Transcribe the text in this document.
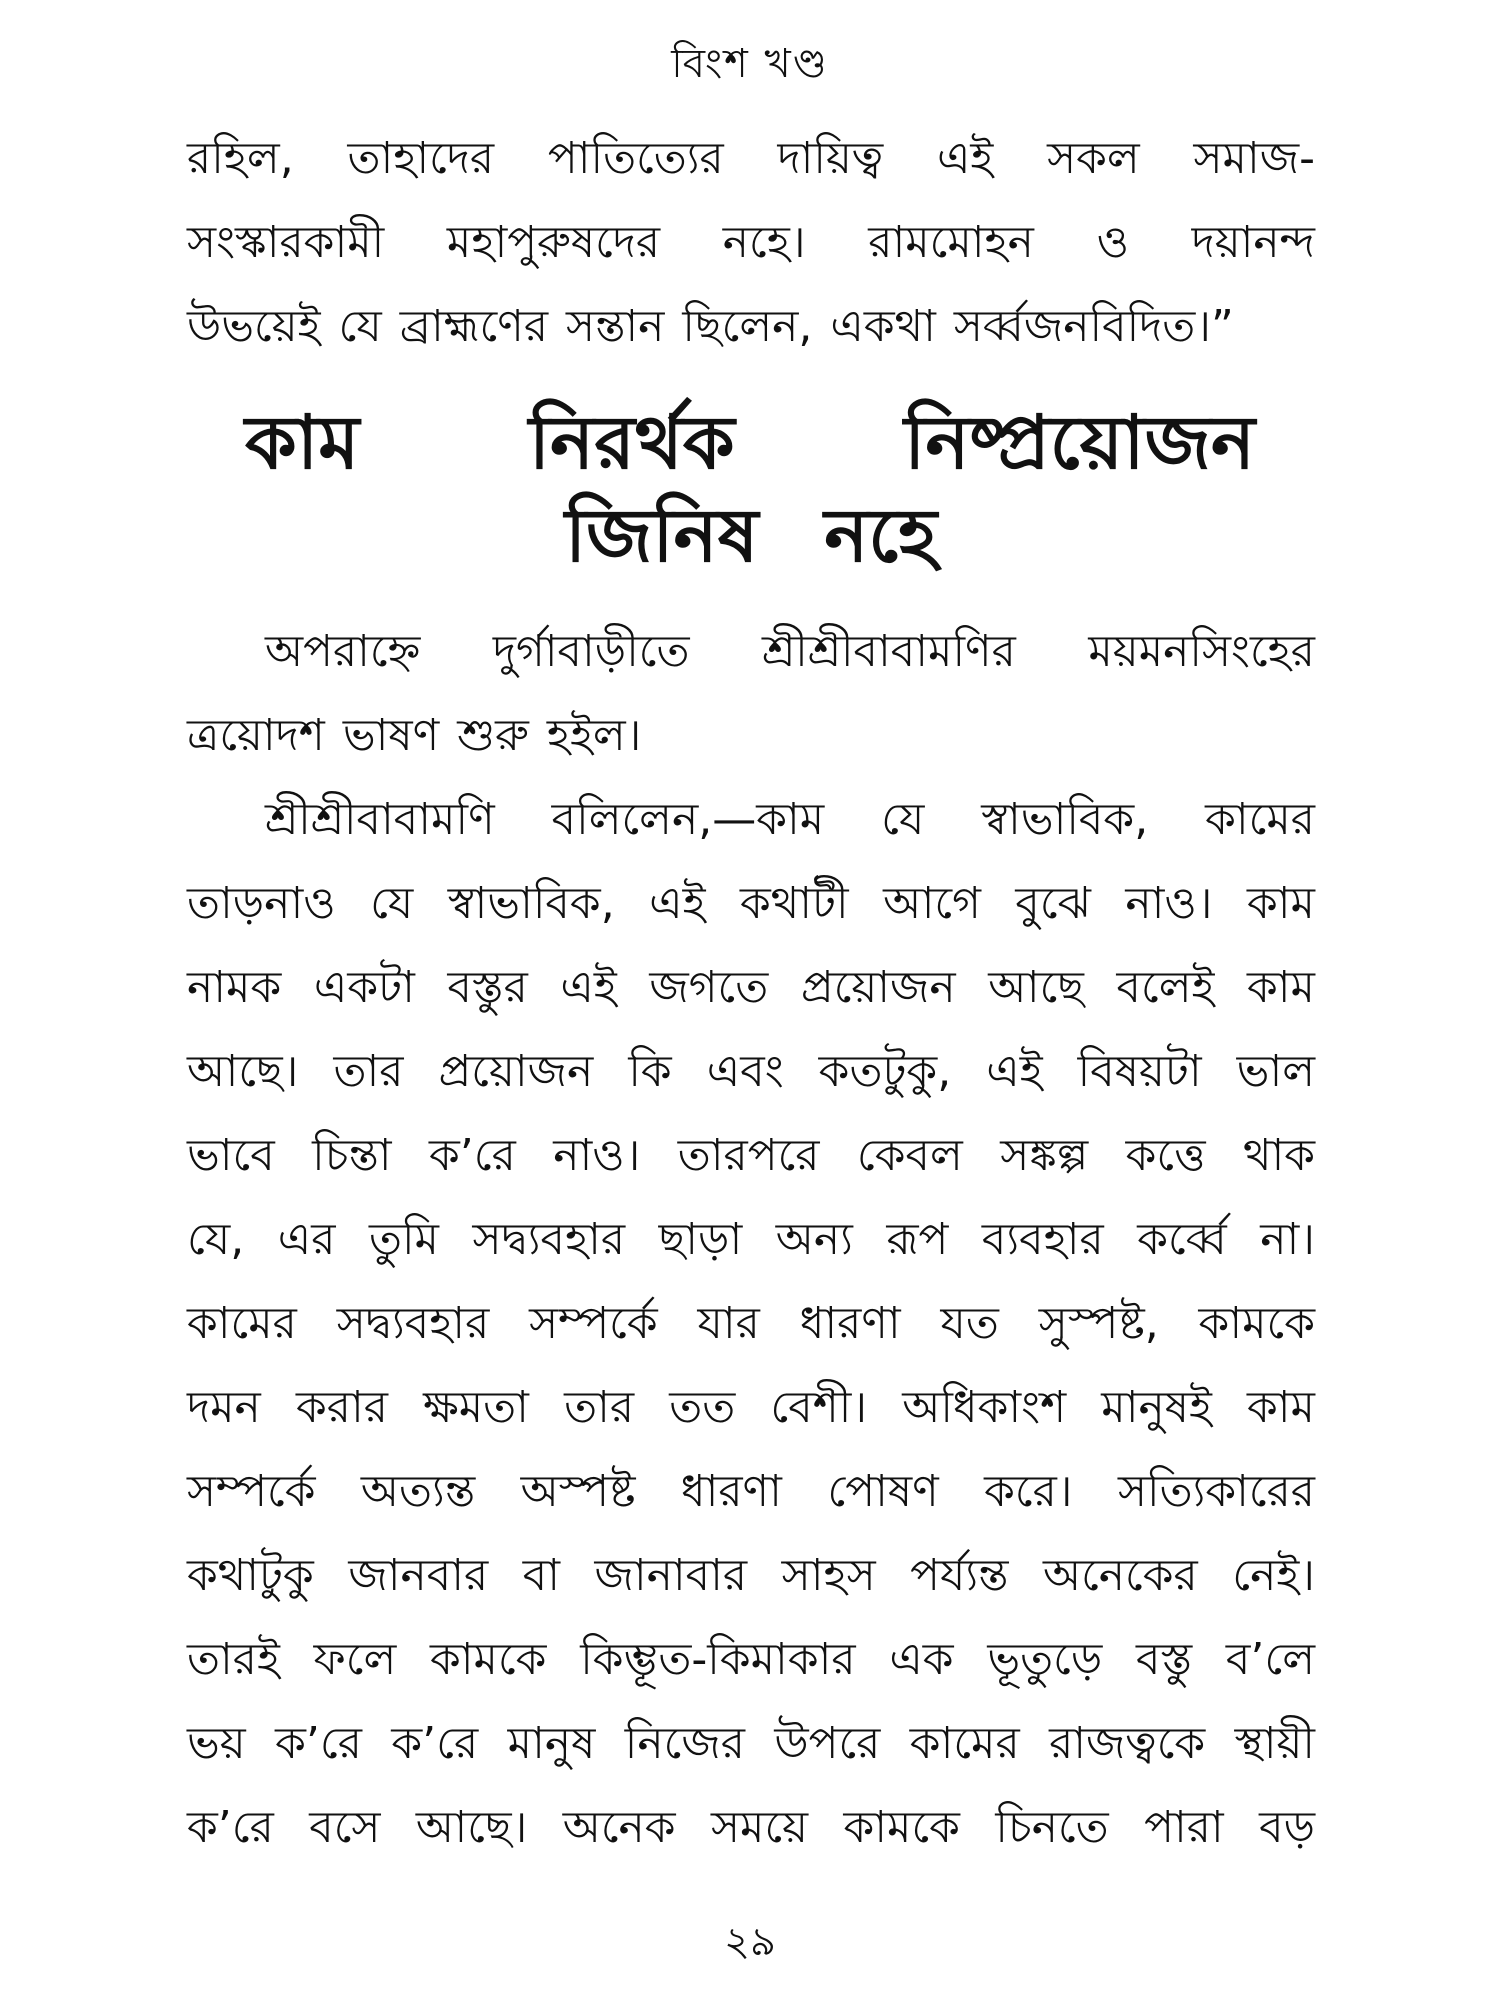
বিংশ খণ্ড
রহিল, তাহাদের পাতিত্যের দায়িত্ব এই সকল সমাজ-
সংস্কারকামী মহাপুরুষদের নহে। রামমোহন ও দয়ানন্দ
উভয়েই যে ব্রাহ্মণের সন্তান ছিলেন, একথা সর্ব্বজনবিদিত।”
কাম নিরর্থক নিষ্প্রয়োজন
জিনিষ নহে
অপরাহ্নে দুর্গাবাড়ীতে শ্রীশ্রীবাবামণির ময়মনসিংহের
ত্রয়োদশ ভাষণ শুরু হইল।
শ্রীশ্রীবাবামণি বলিলেন,—কাম যে স্বাভাবিক, কামের
তাড়নাও যে স্বাভাবিক, এই কথাটী আগে বুঝে নাও। কাম
নামক একটা বস্তুর এই জগতে প্রয়োজন আছে বলেই কাম
আছে। তার প্রয়োজন কি এবং কতটুকু, এই বিষয়টা ভাল
ভাবে চিন্তা ক’রে নাও। তারপরে কেবল সঙ্কল্প কত্তে থাক
যে, এর তুমি সদ্ব্যবহার ছাড়া অন্য রূপ ব্যবহার কর্ব্বে না।
কামের সদ্ব্যবহার সম্পর্কে যার ধারণা যত সুস্পষ্ট, কামকে
দমন করার ক্ষমতা তার তত বেশী। অধিকাংশ মানুষই কাম
সম্পর্কে অত্যন্ত অস্পষ্ট ধারণা পোষণ করে। সত্যিকারের
কথাটুকু জানবার বা জানাবার সাহস পর্য্যন্ত অনেকের নেই।
তারই ফলে কামকে কিম্ভূত-কিমাকার এক ভূতুড়ে বস্তু ব’লে
ভয় ক’রে ক’রে মানুষ নিজের উপরে কামের রাজত্বকে স্থায়ী
ক’রে বসে আছে। অনেক সময়ে কামকে চিনতে পারা বড়
২৯
